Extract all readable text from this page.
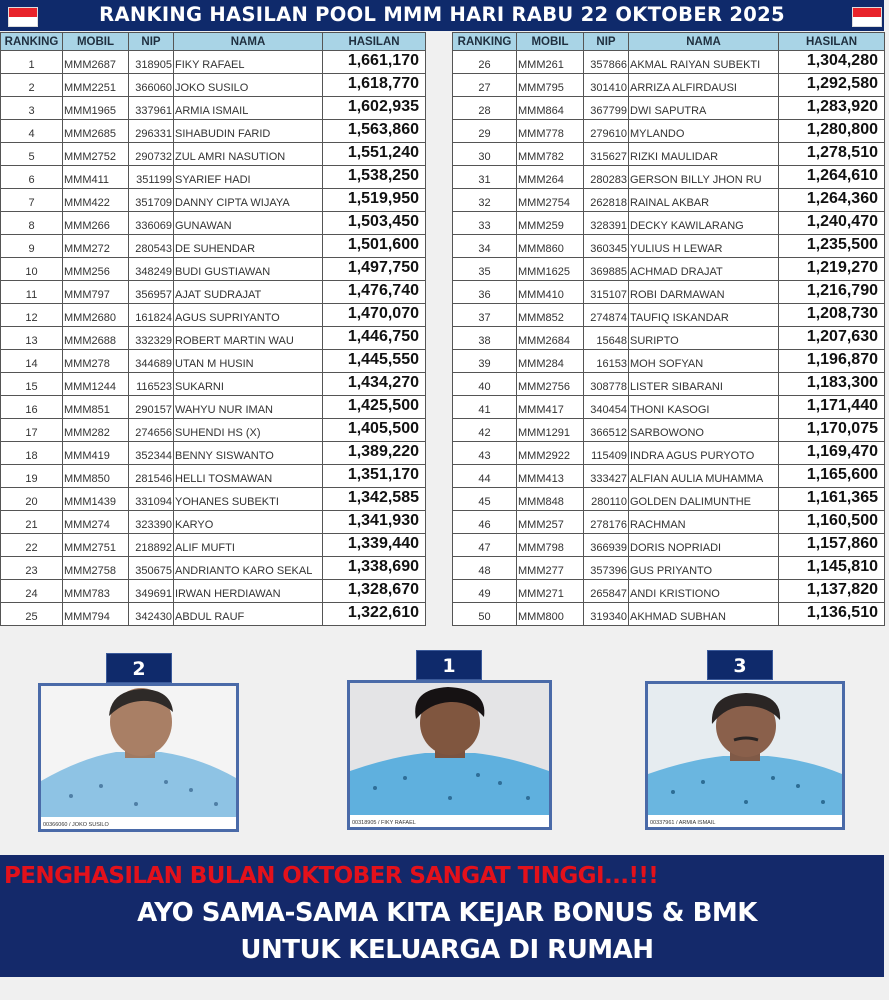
RANKING HASILAN POOL MMM HARI RABU 22 OKTOBER 2025
RANKING	MOBIL	NIP	NAMA	HASILAN
1	MMM2687	318905	FIKY RAFAEL	1,661,170
2	MMM2251	366060	JOKO SUSILO	1,618,770
3	MMM1965	337961	ARMIA ISMAIL	1,602,935
4	MMM2685	296331	SIHABUDIN FARID	1,563,860
5	MMM2752	290732	ZUL AMRI NASUTION	1,551,240
6	MMM411	351199	SYARIEF HADI	1,538,250
7	MMM422	351709	DANNY CIPTA WIJAYA	1,519,950
8	MMM266	336069	GUNAWAN	1,503,450
9	MMM272	280543	DE SUHENDAR	1,501,600
10	MMM256	348249	BUDI GUSTIAWAN	1,497,750
11	MMM797	356957	AJAT SUDRAJAT	1,476,740
12	MMM2680	161824	AGUS SUPRIYANTO	1,470,070
13	MMM2688	332329	ROBERT MARTIN WAU	1,446,750
14	MMM278	344689	UTAN M HUSIN	1,445,550
15	MMM1244	116523	SUKARNI	1,434,270
16	MMM851	290157	WAHYU NUR IMAN	1,425,500
17	MMM282	274656	SUHENDI HS (X)	1,405,500
18	MMM419	352344	BENNY SISWANTO	1,389,220
19	MMM850	281546	HELLI TOSMAWAN	1,351,170
20	MMM1439	331094	YOHANES SUBEKTI	1,342,585
21	MMM274	323390	KARYO	1,341,930
22	MMM2751	218892	ALIF MUFTI	1,339,440
23	MMM2758	350675	ANDRIANTO KARO SEKAL	1,338,690
24	MMM783	349691	IRWAN HERDIAWAN	1,328,670
25	MMM794	342430	ABDUL RAUF	1,322,610
RANKING	MOBIL	NIP	NAMA	HASILAN
26	MMM261	357866	AKMAL RAIYAN SUBEKTI	1,304,280
27	MMM795	301410	ARRIZA ALFIRDAUSI	1,292,580
28	MMM864	367799	DWI SAPUTRA	1,283,920
29	MMM778	279610	MYLANDO	1,280,800
30	MMM782	315627	RIZKI MAULIDAR	1,278,510
31	MMM264	280283	GERSON BILLY JHON RU	1,264,610
32	MMM2754	262818	RAINAL AKBAR	1,264,360
33	MMM259	328391	DECKY KAWILARANG	1,240,470
34	MMM860	360345	YULIUS H LEWAR	1,235,500
35	MMM1625	369885	ACHMAD DRAJAT	1,219,270
36	MMM410	315107	ROBI DARMAWAN	1,216,790
37	MMM852	274874	TAUFIQ ISKANDAR	1,208,730
38	MMM2684	15648	SURIPTO	1,207,630
39	MMM284	16153	MOH SOFYAN	1,196,870
40	MMM2756	308778	LISTER SIBARANI	1,183,300
41	MMM417	340454	THONI KASOGI	1,171,440
42	MMM1291	366512	SARBOWONO	1,170,075
43	MMM2922	115409	INDRA AGUS PURYOTO	1,169,470
44	MMM413	333427	ALFIAN AULIA MUHAMMA	1,165,600
45	MMM848	280110	GOLDEN DALIMUNTHE	1,161,365
46	MMM257	278176	RACHMAN	1,160,500
47	MMM798	366939	DORIS NOPRIADI	1,157,860
48	MMM277	357396	GUS PRIYANTO	1,145,810
49	MMM271	265847	ANDI KRISTIONO	1,137,820
50	MMM800	319340	AKHMAD SUBHAN	1,136,510
2
00366060 / JOKO SUSILO
1
00318905 / FIKY RAFAEL
3
00337961 / ARMIA ISMAIL
PENGHASILAN BULAN OKTOBER SANGAT TINGGI...!!!
AYO SAMA-SAMA KITA KEJAR BONUS & BMK
UNTUK KELUARGA DI RUMAH
